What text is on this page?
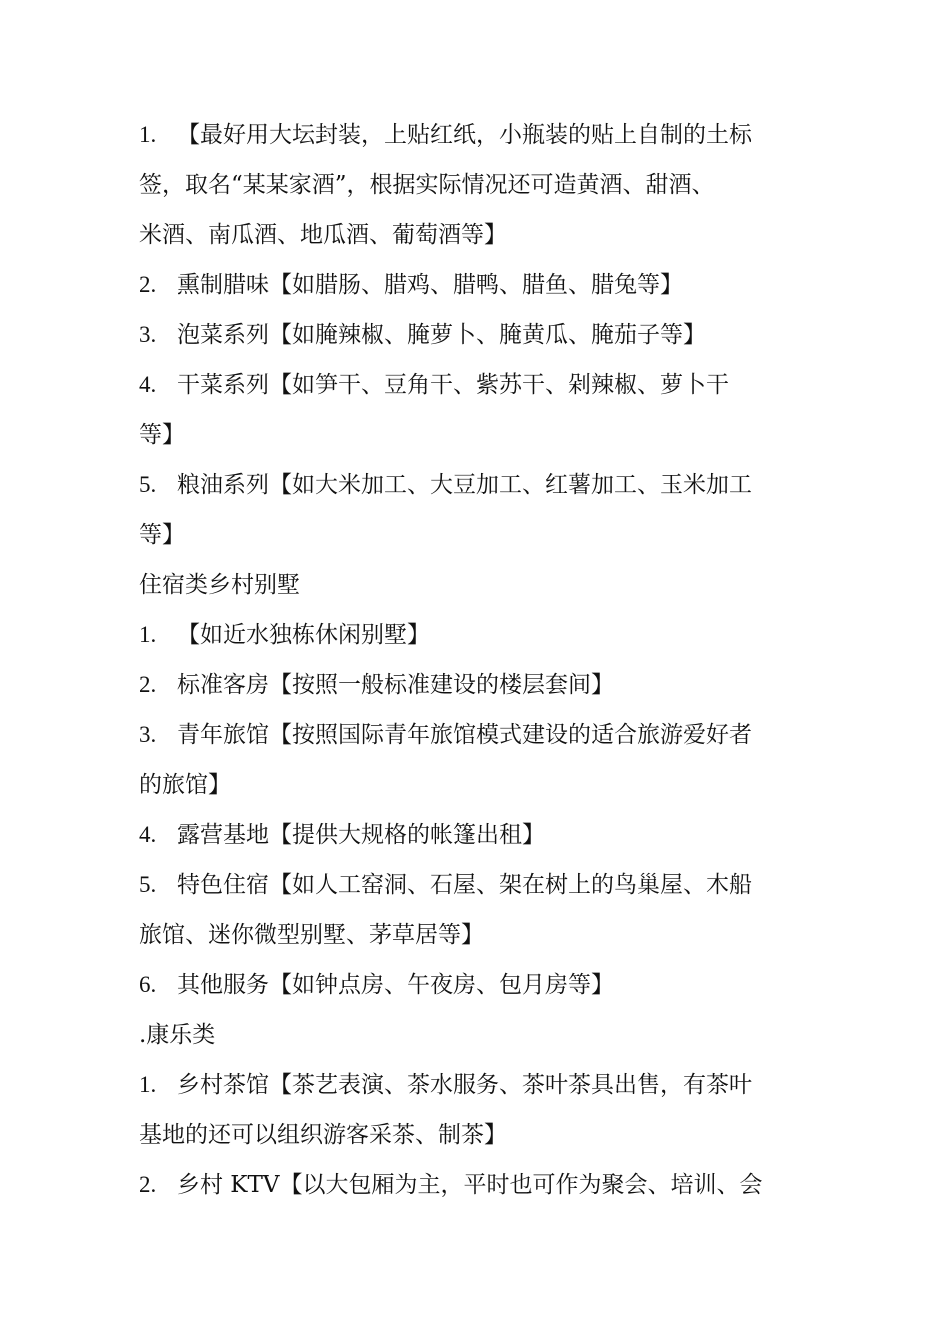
1. 【最好用大坛封装，上贴红纸，小瓶装的贴上自制的土标
签，取名“某某家酒”，根据实际情况还可造黄酒、甜酒、
米酒、南瓜酒、地瓜酒、葡萄酒等】
2. 熏制腊味【如腊肠、腊鸡、腊鸭、腊鱼、腊兔等】
3. 泡菜系列【如腌辣椒、腌萝卜、腌黄瓜、腌茄子等】
4. 干菜系列【如笋干、豆角干、紫苏干、剁辣椒、萝卜干
等】
5. 粮油系列【如大米加工、大豆加工、红薯加工、玉米加工
等】
住宿类乡村别墅
1. 【如近水独栋休闲别墅】
2. 标准客房【按照一般标准建设的楼层套间】
3. 青年旅馆【按照国际青年旅馆模式建设的适合旅游爱好者
的旅馆】
4. 露营基地【提供大规格的帐篷出租】
5. 特色住宿【如人工窑洞、石屋、架在树上的鸟巢屋、木船
旅馆、迷你微型别墅、茅草居等】
6. 其他服务【如钟点房、午夜房、包月房等】
.康乐类
1. 乡村茶馆【茶艺表演、茶水服务、茶叶茶具出售，有茶叶
基地的还可以组织游客采茶、制茶】
2. 乡村 KTV【以大包厢为主，平时也可作为聚会、培训、会
